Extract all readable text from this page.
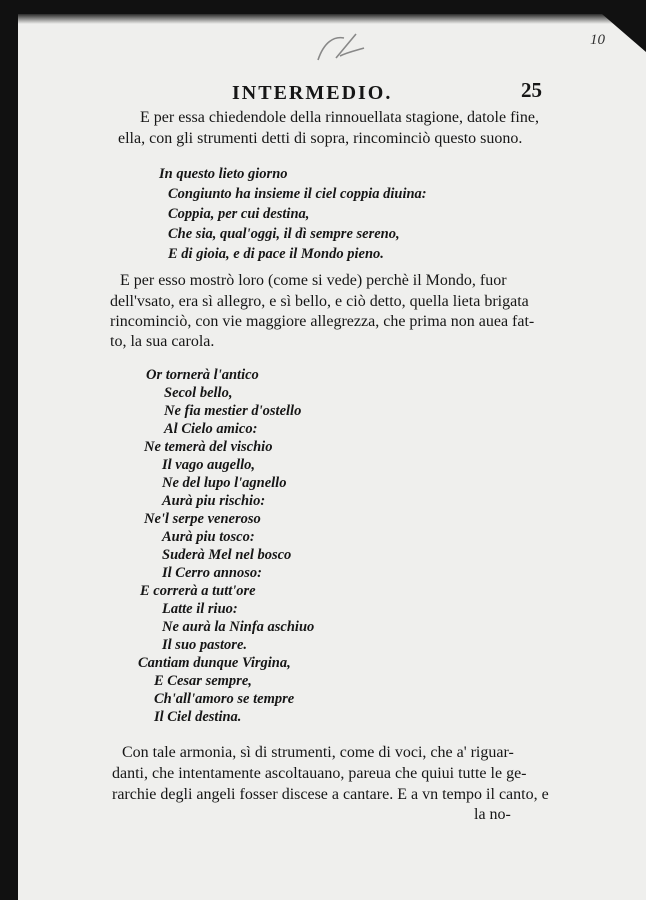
10
INTERMEDIO.	25
E per essa chiedendole della rinnouellata stagione, datole fine,
ella, con gli strumenti detti di sopra, rincominciò questo suono.
In questo lieto giorno
Congiunto ha insieme il ciel coppia diuina:
Coppia, per cui destina,
Che sia, qual'oggi, il dì sempre sereno,
E di gioia, e di pace il Mondo pieno.
E per esso mostrò loro (come si vede) perchè il Mondo, fuor
dell'vsato, era sì allegro, e sì bello, e ciò detto, quella lieta brigata
rincominciò, con vie maggiore allegrezza, che prima non auea fat-
to, la sua carola.
Or tornerà l'antico
Secol bello,
Ne fia mestier d'ostello
Al Cielo amico:
Ne temerà del vischio
Il vago augello,
Ne del lupo l'agnello
Aurà piu rischio:
Ne'l serpe veneroso
Aurà piu tosco:
Suderà Mel nel bosco
Il Cerro annoso:
E correrà a tutt'ore
Latte il riuo:
Ne aurà la Ninfa aschiuo
Il suo pastore.
Cantiam dunque Virgina,
E Cesar sempre,
Ch'all'amoro se tempre
Il Ciel destina.
Con tale armonia, sì di strumenti, come di voci, che a' riguar-
danti, che intentamente ascoltauano, pareua che quiui tutte le ge-
rarchie degli angeli fosser discese a cantare. E a vn tempo il canto, e
la no-
